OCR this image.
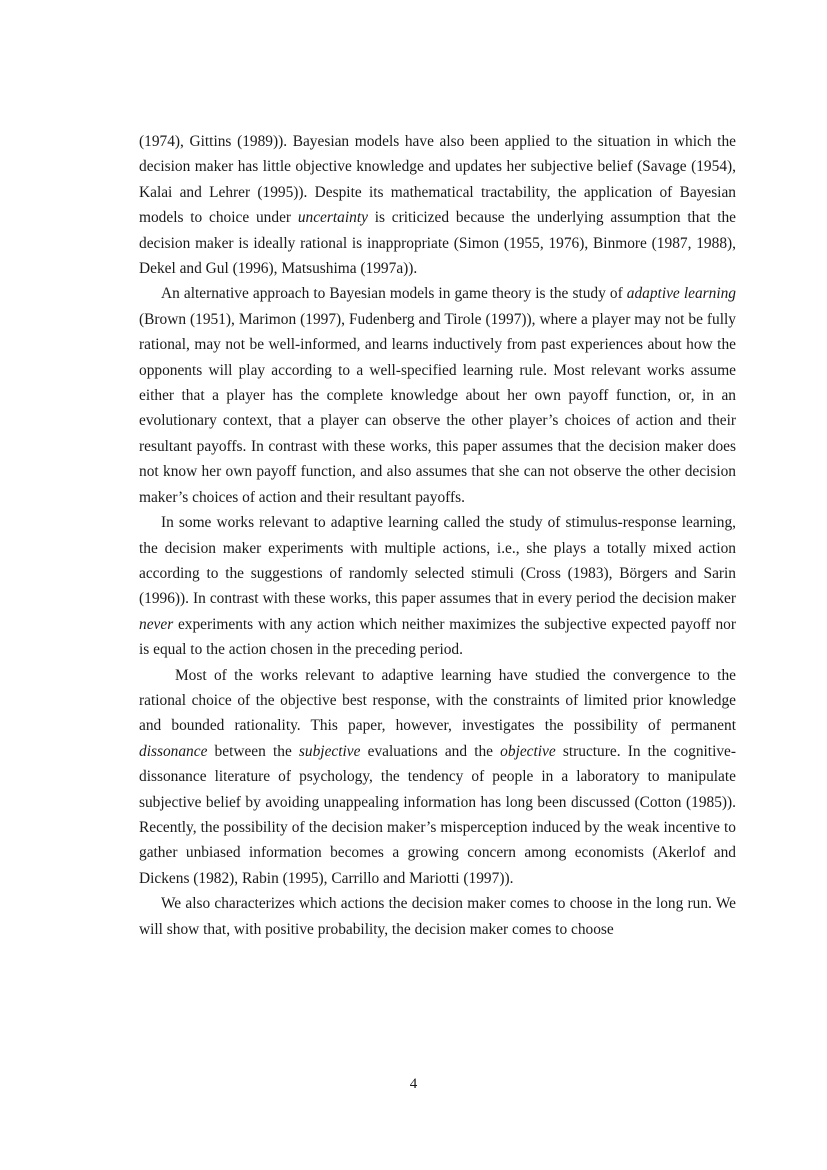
(1974), Gittins (1989)). Bayesian models have also been applied to the situation in which the decision maker has little objective knowledge and updates her subjective belief (Savage (1954), Kalai and Lehrer (1995)). Despite its mathematical tractability, the application of Bayesian models to choice under uncertainty is criticized because the underlying assumption that the decision maker is ideally rational is inappropriate (Simon (1955, 1976), Binmore (1987, 1988), Dekel and Gul (1996), Matsushima (1997a)).

An alternative approach to Bayesian models in game theory is the study of adaptive learning (Brown (1951), Marimon (1997), Fudenberg and Tirole (1997)), where a player may not be fully rational, may not be well-informed, and learns inductively from past experiences about how the opponents will play according to a well-specified learning rule. Most relevant works assume either that a player has the complete knowledge about her own payoff function, or, in an evolutionary context, that a player can observe the other player’s choices of action and their resultant payoffs. In contrast with these works, this paper assumes that the decision maker does not know her own payoff function, and also assumes that she can not observe the other decision maker’s choices of action and their resultant payoffs.

In some works relevant to adaptive learning called the study of stimulus-response learning, the decision maker experiments with multiple actions, i.e., she plays a totally mixed action according to the suggestions of randomly selected stimuli (Cross (1983), Börgers and Sarin (1996)). In contrast with these works, this paper assumes that in every period the decision maker never experiments with any action which neither maximizes the subjective expected payoff nor is equal to the action chosen in the preceding period.

Most of the works relevant to adaptive learning have studied the convergence to the rational choice of the objective best response, with the constraints of limited prior knowledge and bounded rationality. This paper, however, investigates the possibility of permanent dissonance between the subjective evaluations and the objective structure. In the cognitive-dissonance literature of psychology, the tendency of people in a laboratory to manipulate subjective belief by avoiding unappealing information has long been discussed (Cotton (1985)). Recently, the possibility of the decision maker’s misperception induced by the weak incentive to gather unbiased information becomes a growing concern among economists (Akerlof and Dickens (1982), Rabin (1995), Carrillo and Mariotti (1997)).

We also characterizes which actions the decision maker comes to choose in the long run. We will show that, with positive probability, the decision maker comes to choose

4
